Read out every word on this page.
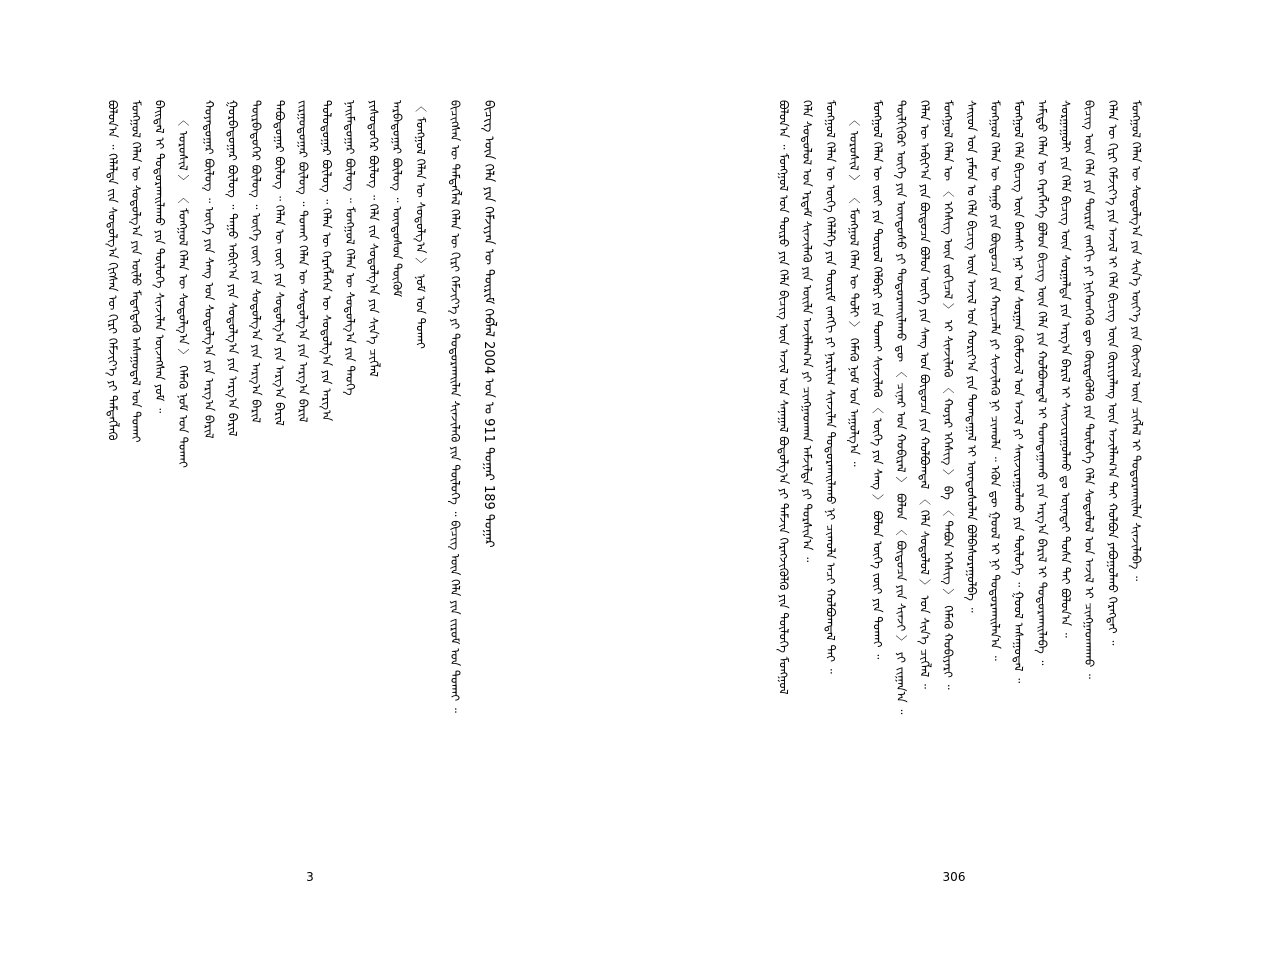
ᠪᠣᠯᠤᠨ᠎ᠠ ᠃ ᠬᠡᠯᠡᠯᠲᠡ ᠵᠢᠨ ᠰᠤᠳᠤᠯᠭ᠎ᠠ ᠬᠢᠭᠰᠡᠨ ᠦ ᠬᠢᠷᠢ ᠬᠡᠮᠵᠢᠶ᠎ᠡ ᠶᠢ ᠲᠡᠮᠳᠡᠭᠯᠡᠬᠦ ᠮᠣᠩᠭᠣᠯ ᠬᠡᠯᠡᠨ ᠦ ᠰᠤᠳᠤᠯᠭ᠎ᠠ ᠶᠢᠨ ᠦᠯᠦ ᠮᠡᠳᠡᠭᠳᠡᠬᠦ ᠠᠰᠠᠭᠤᠳᠠᠯ ᠤᠨ ᠲᠤᠬᠠᠢ ᠪᠠᠢᠳᠠᠯ ᠢ ᠲᠣᠳᠣᠷᠬᠠᠢᠯᠠᠬᠤ ᠶᠢᠨ ᠲᠥᠯᠥᠭᠡ ᠰᠢᠨᠵᠢᠯᠡᠨ ᠦᠵᠡᠭᠰᠡᠨ ᠶᠤᠮ ᠃ 〈 ᠣᠷᠣᠰᠢᠯ 〉 〈 ᠮᠣᠩᠭᠣᠯ ᠬᠡᠯᠡᠨ ᠦ ᠰᠤᠳᠤᠯᠭ᠎ᠠ 〉 ᠬᠡᠮᠡᠬᠦ ᠨᠣᠮ ᠤᠨ ᠲᠤᠬᠠᠢ	ᠬᠣᠶᠠᠳᠤᠭᠠᠷ ᠪᠦᠯᠦᠭ ᠃ ᠦᠭᠡ ᠶᠢᠨ ᠰᠠᠩ ᠤᠨ ᠰᠤᠳᠤᠯᠭ᠎ᠠ ᠶᠢᠨ ᠠᠷᠭ᠎ᠠ ᠪᠠᠷᠢᠯ ᠭᠤᠷᠪᠠᠳᠤᠭᠠᠷ ᠪᠦᠯᠦᠭ ᠃ ᠳᠠᠭᠤ ᠠᠪᠢᠶ᠎ᠠ ᠶᠢᠨ ᠰᠤᠳᠤᠯᠭ᠎ᠠ ᠶᠢᠨ ᠠᠷᠭ᠎ᠠ ᠪᠠᠷᠢᠯ ᠳᠥᠷᠪᠡᠳᠦᠭᠡᠷ ᠪᠦᠯᠦᠭ ᠃ ᠦᠭᠡ ᠵᠦᠢ ᠶᠢᠨ ᠰᠤᠳᠤᠯᠭ᠎ᠠ ᠶᠢᠨ ᠠᠷᠭ᠎ᠠ ᠪᠠᠷᠢᠯ ᠲᠠᠪᠤᠳᠤᠭᠠᠷ ᠪᠦᠯᠦᠭ ᠃ ᠬᠡᠯᠡᠨ ᠦ ᠵᠦᠢ ᠶᠢᠨ ᠰᠤᠳᠤᠯᠭ᠎ᠠ ᠶᠢᠨ ᠠᠷᠭ᠎ᠠ ᠪᠠᠷᠢᠯ ᠵᠢᠷᠭᠤᠳᠤᠭᠠᠷ ᠪᠦᠯᠦᠭ ᠃ ᠲᠤᠬᠠᠢ ᠬᠡᠯᠡᠨ ᠦ ᠰᠤᠳᠤᠯᠭ᠎ᠠ ᠶᠢᠨ ᠠᠷᠭ᠎ᠠ ᠪᠠᠷᠢᠯ ᠳᠣᠯᠣᠳᠤᠭᠠᠷ ᠪᠦᠯᠦᠭ ᠃ ᠬᠡᠯᠡᠨ ᠦ ᠬᠡᠷᠡᠭᠯᠡᠭᠡᠨ ᠦ ᠰᠤᠳᠤᠯᠭ᠎ᠠ ᠶᠢᠨ ᠠᠷᠭ᠎ᠠ ᠨᠠᠢᠮᠠᠳᠤᠭᠠᠷ ᠪᠦᠯᠦᠭ ᠃ ᠮᠣᠩᠭᠣᠯ ᠬᠡᠯᠡᠨ ᠦ ᠰᠤᠳᠤᠯᠭ᠎ᠠ ᠶᠢᠨ ᠲᠡᠦᠬᠡ ᠶᠢᠰᠦᠳᠦᠭᠡᠷ ᠪᠦᠯᠦᠭ ᠃ ᠬᠡᠯᠡ ᠵᠢᠨ ᠰᠤᠳᠤᠯᠭ᠎ᠠ ᠶᠢᠨ ᠰᠢᠨ᠎ᠡ ᠴᠢᠭ᠌ᠯᠡᠯ ᠠᠷᠪᠠᠳᠤᠭᠠᠷ ᠪᠦᠯᠦᠭ ᠃ ᠦᠨᠳᠦᠰᠦᠨ ᠳᠦᠭᠦᠮ 〈 ᠮᠣᠩᠭᠣᠯ ᠬᠡᠯᠡᠨ ᠦ ᠰᠤᠳᠤᠯᠭ᠎ᠠ 〉 ᠨᠣᠮ ᠤᠨ ᠲᠤᠬᠠᠢ	ᠪᠢᠴᠢᠭᠰᠡᠨ ᠦ ᠲᠡᠮᠳᠡᠭᠯᠡᠯ ᠬᠡᠯᠡᠨ ᠦ ᠬᠢᠷᠢ ᠬᠡᠮᠵᠢᠶ᠎ᠡ ᠶᠢ ᠲᠣᠳᠣᠷᠬᠠᠢᠯᠠᠨ ᠰᠢᠨᠵᠢᠯᠡᠬᠦ ᠶᠢᠨ ᠲᠥᠯᠥᠭᠡ ᠃ ᠪᠢᠴᠢᠭ ᠦᠨ ᠬᠡᠯᠡ ᠶᠢᠨ ᠵᠢᠷᠤᠮ ᠤᠨ ᠲᠤᠬᠠᠢ ᠃	ᠪᠢᠴᠢᠭ ᠦᠨ ᠬᠡᠯᠡ ᠶᠢᠨ ᠬᠡᠮᠵᠢᠶᠡᠨ ᠦ ᠳᠦᠷᠢᠮ ᠬᠡᠪᠯᠡᠯ 2004 ᠣᠨ ᠤ 911 ᠳᠤᠭᠠᠷ 189 ᠳᠤᠭᠠᠷ
3
ᠪᠣᠯᠤᠨ᠎ᠠ ᠃ ᠮᠣᠩᠭᠣᠯ ᠤᠨ ᠲᠦᠷᠦ ᠶᠢᠨ ᠬᠡᠯᠡ ᠪᠢᠴᠢᠭ ᠦᠨ ᠠᠵᠢᠯ ᠤᠨ ᠰᠠᠨᠠᠭᠠᠯ ᠪᠣᠳᠤᠯᠭ᠎ᠠ ᠶᠢ ᠳᠡᠮᠵᠢᠨ ᠬᠡᠷᠡᠭᠵᠢᠭᠦᠯᠬᠦ ᠶᠢᠨ ᠲᠥᠯᠥᠭᠡ ᠮᠣᠩᠭᠣᠯ ᠬᠡᠯᠡ ᠰᠤᠳᠤᠯᠤᠯ ᠤᠨ ᠡᠷᠳᠡᠮ ᠰᠢᠨᠵᠢᠯᠡᠬᠦ ᠶᠢᠨ ᠦᠢᠯᠡ ᠠᠵᠢᠯᠯᠠᠭ᠎ᠠ ᠶᠢ ᠴᠢᠩᠭᠠᠳᠬᠠᠨ ᠠᠮᠵᠢᠯᠲᠠ ᠶᠢ ᠲᠤᠷᠰᠢᠨ᠎ᠠ ᠃ ᠮᠣᠩᠭᠣᠯ ᠬᠡᠯᠡᠨ ᠦ ᠦᠭᠡ ᠬᠡᠯᠡᠯᠭᠡ ᠶᠢᠨ ᠳᠦᠷᠢᠮ ᠵᠠᠩᠭᠢ ᠶᠢ ᠨᠠᠷᠢᠯᠢᠭ ᠰᠢᠨᠵᠢᠯᠡᠨ ᠲᠣᠳᠣᠷᠬᠠᠢᠯᠠᠬᠤ ᠨᠢ ᠴᠢᠬᠤᠯᠠ ᠠᠴᠢ ᠬᠣᠯᠪᠣᠭᠳᠠᠯ ᠲᠠᠢ ᠃ 〈 ᠣᠷᠣᠰᠢᠯ 〉 〈 ᠮᠣᠩᠭᠣᠯ ᠬᠡᠯᠡᠨ ᠦ ᠲᠣᠯᠢ 〉 ᠬᠡᠮᠡᠬᠦ ᠨᠣᠮ ᠤᠨ ᠠᠭᠤᠯᠭ᠎ᠠ ᠃ ᠮᠣᠩᠭᠣᠯ ᠬᠡᠯᠡᠨ ᠦ ᠵᠦᠢ ᠶᠢᠨ ᠲᠥᠷᠦᠯ ᠬᠡᠯᠪᠡᠷᠢ ᠶᠢᠨ ᠲᠤᠬᠠᠢ ᠰᠢᠨᠵᠢᠯᠡᠬᠦ 〈 ᠦᠭᠡ ᠶᠢᠨ ᠰᠠᠩ 〉 ᠪᠣᠯᠤᠨ ᠦᠭᠡ ᠵᠦᠢ ᠶᠢᠨ ᠲᠤᠬᠠᠢ ᠃ ᠲᠦᠯᠬᠢᠭᠦᠷ ᠦᠭᠡ ᠶᠢᠨ ᠦᠨᠳᠦᠰᠦ ᠶᠢ ᠲᠣᠳᠣᠷᠬᠠᠢᠯᠠᠬᠤ ᠳᠦ 〈 ᠴᠢᠨᠠᠷ ᠤᠨ ᠬᠤᠪᠢᠷᠠᠯ 〉 ᠪᠣᠯᠤᠨ 〈 ᠪᠦᠲᠦᠴᠡ ᠶᠢᠨ ᠰᠢᠨᠵᠢ 〉 ᠶᠢ ᠵᠢᠭᠠᠨ᠎ᠠ ᠃ ᠬᠡᠯᠡᠨ ᠦ ᠠᠪᠢᠶ᠎ᠠ ᠶᠢᠨ ᠪᠦᠲᠦᠴᠡ ᠪᠣᠯᠤᠨ ᠦᠭᠡ ᠶᠢᠨ ᠰᠠᠩ ᠤᠨ ᠪᠦᠲᠦᠴᠡ ᠶᠢᠨ ᠬᠣᠯᠪᠣᠭᠳᠠᠯ 〈 ᠬᠡᠯᠡ ᠰᠤᠳᠤᠯᠤᠯ 〉 ᠤᠨ ᠰᠢᠨ᠎ᠡ ᠴᠢᠭ᠌ᠯᠡᠯ ᠃ ᠮᠣᠩᠭᠣᠯ ᠬᠡᠯᠡᠨ ᠦ 〈 ᠡᠭᠡᠰᠢᠭ ᠦᠨ ᠵᠣᠬᠢᠴᠠᠯ 〉 ᠢ ᠰᠢᠨᠵᠢᠯᠡᠬᠦ 〈 ᠬᠣᠶᠠᠷ ᠡᠭᠡᠰᠢᠭ 〉 ᠪᠠ 〈 ᠲᠠᠪᠤᠨ ᠡᠭᠡᠰᠢᠭ 〉 ᠬᠡᠮᠡᠬᠦ ᠬᠤᠪᠢᠶᠠᠷᠢ ᠃ ᠰᠠᠢᠳ ᠤᠨ ᠶᠠᠮᠤᠨ ᠤ ᠬᠡᠯᠡ ᠪᠢᠴᠢᠭ ᠦᠨ ᠠᠵᠢᠯ ᠤᠨ ᠬᠣᠷᠢᠶ᠎ᠠ ᠶᠢᠨ ᠲᠣᠭᠲᠠᠭᠠᠯ ᠢ ᠦᠨᠳᠦᠰᠦᠯᠡᠨ ᠪᠣᠯᠪᠠᠰᠤᠷᠠᠭᠤᠯᠪᠠ ᠃ ᠮᠣᠩᠭᠣᠯ ᠬᠡᠯᠡᠨ ᠦ ᠳᠠᠭᠤ ᠶᠢᠨ ᠪᠦᠲᠦᠴᠡ ᠶᠢᠨ ᠬᠠᠷᠢᠴᠠᠯᠠ ᠶᠢ ᠰᠢᠨᠵᠢᠯᠡᠬᠦ ᠨᠢ ᠴᠢᠬᠤᠯᠠ ᠃ ᠡᠭᠦᠨ ᠳᠦ ᠭᠣᠣᠯ ᠢ ᠨᠢ ᠲᠣᠳᠣᠷᠬᠠᠢᠯᠠᠨ᠎ᠠ ᠃ ᠮᠣᠩᠭᠣᠯ ᠬᠡᠯᠡ ᠪᠢᠴᠢᠭ ᠦᠨ ᠪᠠᠭᠰᠢ ᠨᠠᠷ ᠤᠨ ᠰᠤᠷᠭᠠᠨ ᠬᠦᠮᠦᠵᠢᠯ ᠤᠨ ᠠᠵᠢᠯ ᠶᠢ ᠰᠠᠢᠵᠢᠷᠠᠭᠤᠯᠬᠤ ᠶᠢᠨ ᠲᠥᠯᠥᠭᠡ ᠃ ᠭᠣᠣᠯ ᠠᠰᠠᠭᠤᠳᠠᠯ ᠃ ᠠᠮᠢᠳᠤ ᠬᠡᠯᠡᠨ ᠦ ᠬᠡᠷᠡᠭᠯᠡᠭᠡ ᠪᠣᠯᠤᠨ ᠪᠢᠴᠢᠭ ᠦᠨ ᠬᠡᠯᠡ ᠶᠢᠨ ᠬᠣᠯᠪᠣᠭᠳᠠᠯ ᠢ ᠲᠣᠭᠲᠠᠭᠠᠬᠤ ᠶᠢᠨ ᠠᠷᠭ᠎ᠠ ᠪᠠᠷᠢᠯ ᠢ ᠲᠣᠳᠣᠷᠬᠠᠢᠯᠠᠪᠠ ᠃ ᠰᠤᠷᠭᠠᠭᠤᠯᠢ ᠶᠢᠨ ᠬᠡᠯᠡ ᠪᠢᠴᠢᠭ ᠦᠨ ᠰᠤᠷᠭᠠᠯᠲᠠ ᠶᠢᠨ ᠠᠷᠭ᠎ᠠ ᠪᠠᠷᠢᠯ ᠢ ᠰᠠᠢᠵᠢᠷᠠᠭᠤᠯᠬᠤ ᠳᠤ ᠦᠨᠡᠲᠡᠢ ᠲᠤᠰᠠ ᠲᠠᠢ ᠪᠣᠯᠤᠨ᠎ᠠ ᠃ ᠪᠢᠴᠢᠭ ᠦᠨ ᠬᠡᠯᠡ ᠶᠢᠨ ᠳᠦᠷᠢᠮ ᠵᠠᠩᠭᠢ ᠶᠢ ᠨᠢᠭᠡᠳᠬᠡᠬᠦ ᠳᠦ ᠬᠦᠷᠳᠡᠭᠦᠯᠬᠦ ᠶᠢᠨ ᠲᠥᠯᠥᠭᠡ ᠬᠡᠯᠡ ᠰᠤᠳᠤᠯᠤᠯ ᠤᠨ ᠠᠵᠢᠯ ᠢ ᠴᠢᠩᠭᠠᠳᠬᠠᠬᠤ ᠃ ᠬᠡᠯᠡᠨ ᠦ ᠬᠢᠷᠢ ᠬᠡᠮᠵᠢᠶ᠎ᠡ ᠶᠢᠨ ᠠᠵᠢᠯ ᠢ ᠬᠡᠯᠡ ᠪᠢᠴᠢᠭ ᠦᠨ ᠬᠦᠷᠢᠶᠡᠯᠡᠩ ᠦᠨ ᠠᠵᠢᠯᠯᠠᠭ᠎ᠠ ᠲᠠᠢ ᠬᠣᠯᠪᠣᠨ ᠶᠠᠪᠤᠭᠤᠯᠬᠤ ᠬᠡᠷᠡᠭᠲᠡᠢ ᠃ ᠮᠣᠩᠭᠣᠯ ᠬᠡᠯᠡᠨ ᠦ ᠰᠤᠳᠤᠯᠭ᠎ᠠ ᠶᠢᠨ ᠰᠢᠨ᠎ᠡ ᠦᠶ᠎ᠡ ᠶᠢᠨ ᠬᠦᠭᠵᠢᠯ ᠦᠨ ᠴᠢᠭ᠌ᠯᠡᠯ ᠢ ᠲᠣᠳᠣᠷᠬᠠᠢᠯᠠᠨ ᠰᠢᠨᠵᠢᠯᠡᠪᠡ ᠃
306
